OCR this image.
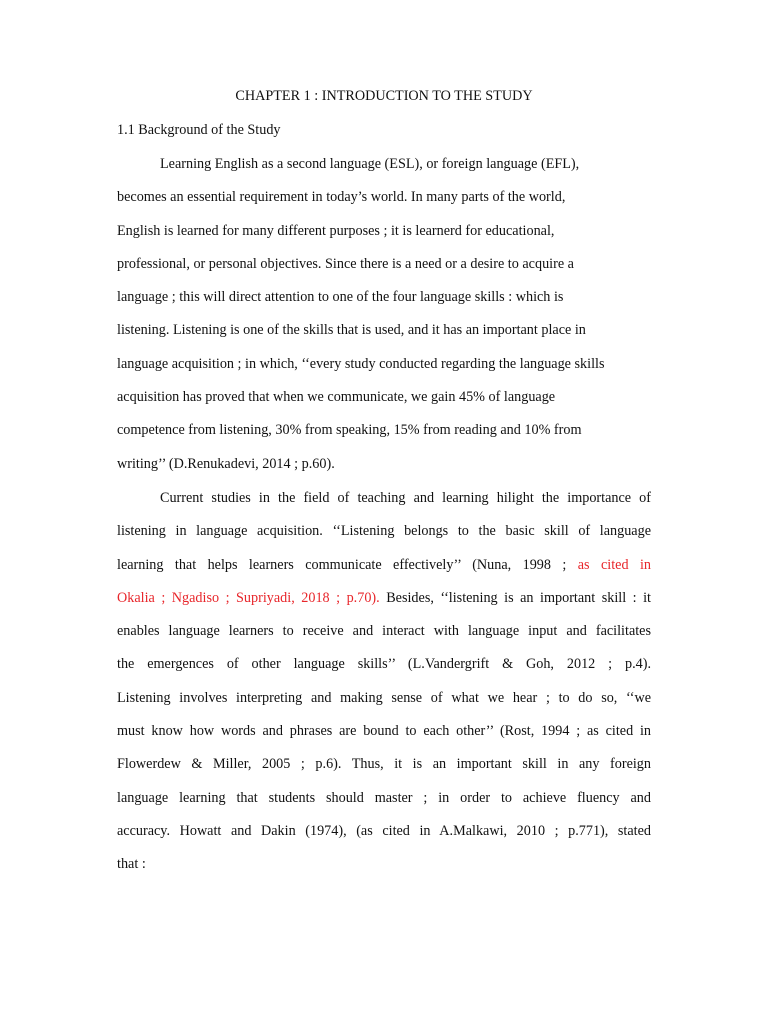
CHAPTER 1 : INTRODUCTION TO THE STUDY
1.1 Background of the Study
Learning English as a second language (ESL), or foreign language (EFL),
becomes an essential requirement in today’s world. In many parts of the world,
English is learned for many different purposes ; it is learnerd for educational,
professional, or personal objectives. Since there is a need or a desire to acquire a
language ; this will direct attention to one of the four language skills : which is
listening. Listening is one of the skills that is used, and it has an important place in
language acquisition ; in which, ‘‘every study conducted regarding the language skills
acquisition has proved that when we communicate, we gain 45% of language
competence from listening, 30% from speaking, 15% from reading and 10% from
writing’’ (D.Renukadevi, 2014 ; p.60).
Current studies in the field of teaching and learning hilight the importance of
listening in language acquisition. ‘‘Listening belongs to the basic skill of language
learning that helps learners communicate effectively’’ (Nuna, 1998 ; as cited in
Okalia ; Ngadiso ; Supriyadi, 2018 ; p.70). Besides, ‘‘listening is an important skill : it
enables language learners to receive and interact with language input and facilitates
the emergences of other language skills’’ (L.Vandergrift & Goh, 2012 ; p.4).
Listening involves interpreting and making sense of what we hear ; to do so, ‘‘we
must know how words and phrases are bound to each other’’ (Rost, 1994 ; as cited in
Flowerdew & Miller, 2005 ; p.6). Thus, it is an important skill in any foreign
language learning that students should master ; in order to achieve fluency and
accuracy. Howatt and Dakin (1974), (as cited in A.Malkawi, 2010 ; p.771), stated
that :
